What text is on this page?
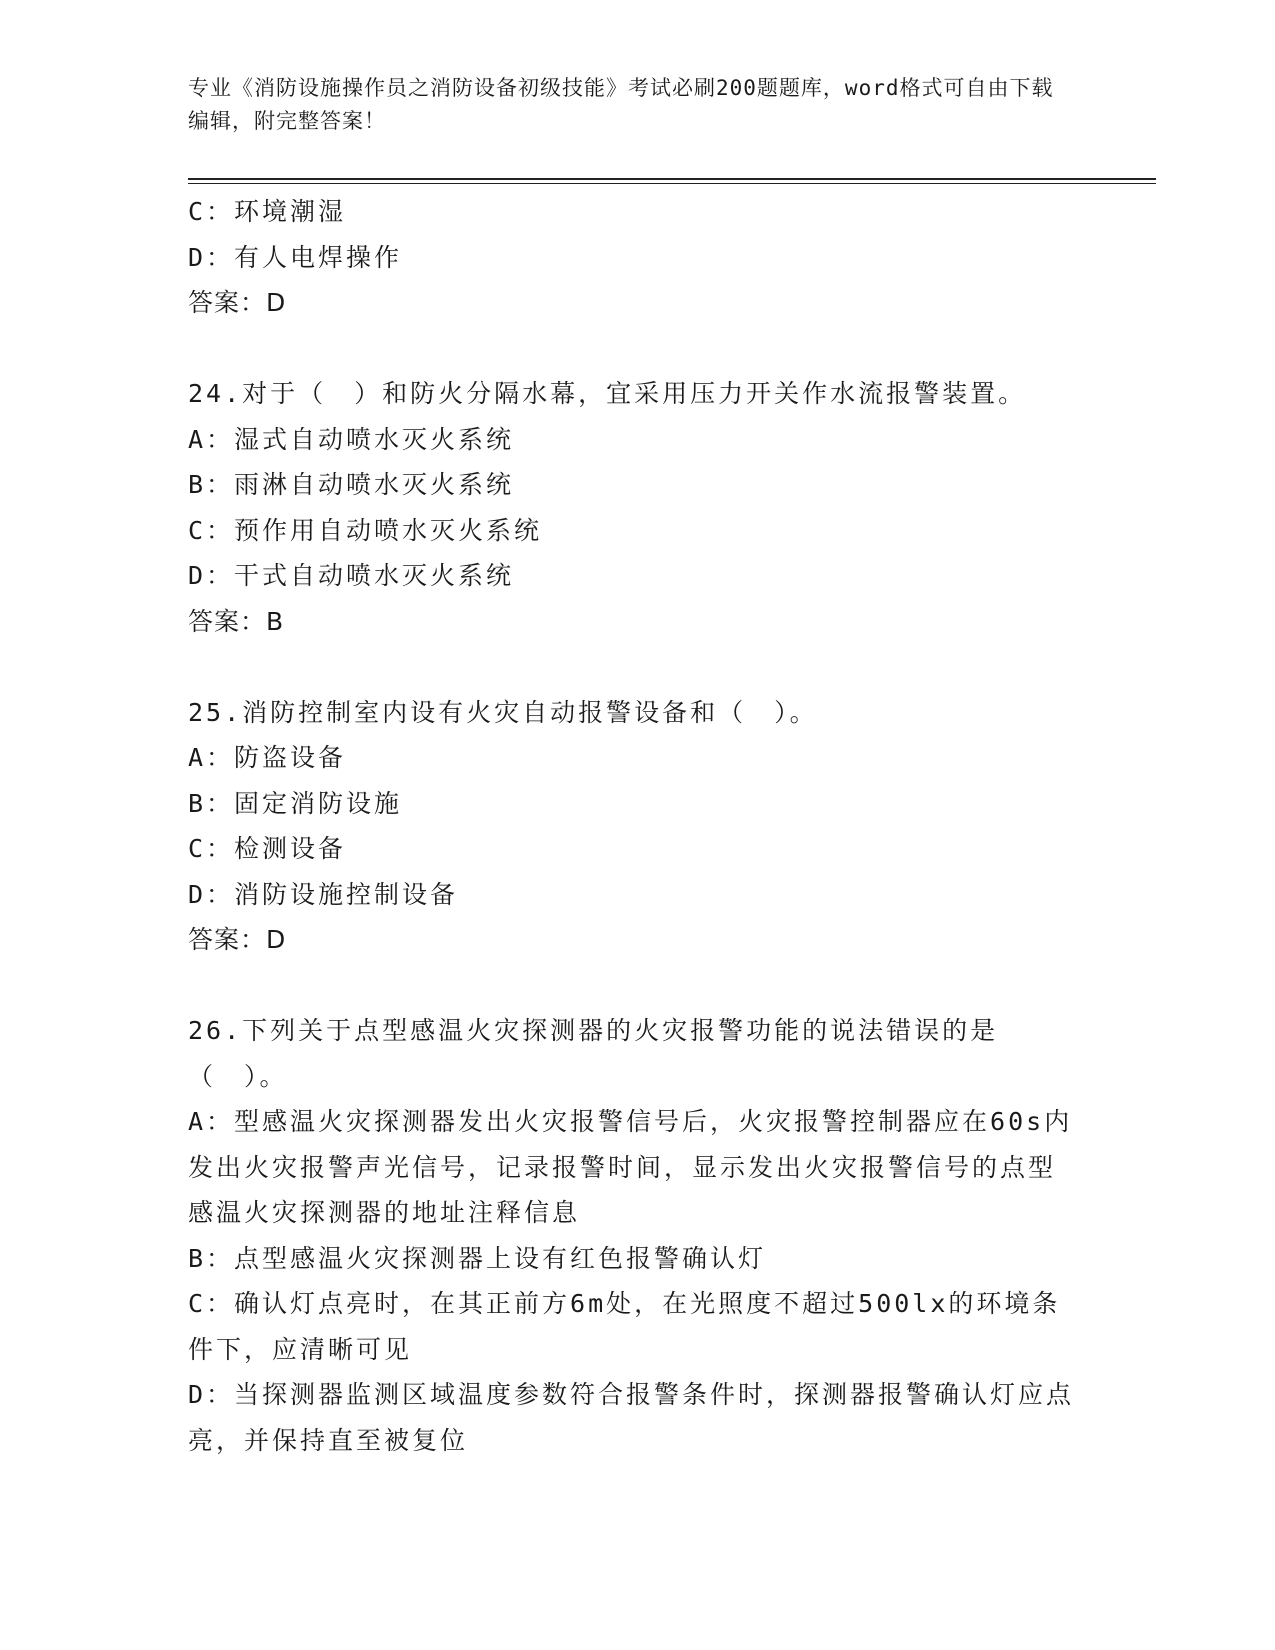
专业《消防设施操作员之消防设备初级技能》考试必刷200题题库，word格式可自由下载编辑，附完整答案！

C：环境潮湿

D：有人电焊操作

答案：D

24.对于（　）和防火分隔水幕，宜采用压力开关作水流报警装置。

A：湿式自动喷水灭火系统

B：雨淋自动喷水灭火系统

C：预作用自动喷水灭火系统

D：干式自动喷水灭火系统

答案：B

25.消防控制室内设有火灾自动报警设备和（　）。

A：防盗设备

B：固定消防设施

C：检测设备

D：消防设施控制设备

答案：D

26.下列关于点型感温火灾探测器的火灾报警功能的说法错误的是（　）。

A：型感温火灾探测器发出火灾报警信号后，火灾报警控制器应在60s内发出火灾报警声光信号，记录报警时间，显示发出火灾报警信号的点型感温火灾探测器的地址注释信息

B：点型感温火灾探测器上设有红色报警确认灯

C：确认灯点亮时，在其正前方6m处，在光照度不超过500lx的环境条件下，应清晰可见

D：当探测器监测区域温度参数符合报警条件时，探测器报警确认灯应点亮，并保持直至被复位
